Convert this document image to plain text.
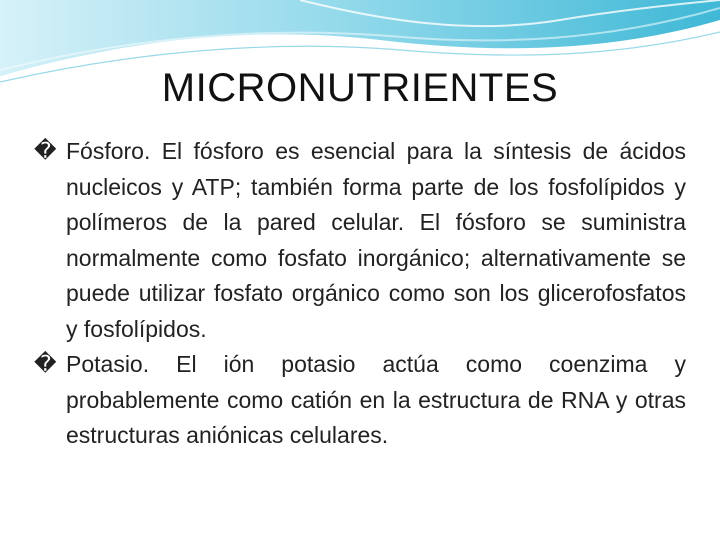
MICRONUTRIENTES

� Fósforo. El fósforo es esencial para la síntesis de ácidos nucleicos y ATP; también forma parte de los fosfolípidos y polímeros de la pared celular. El fósforo se suministra normalmente como fosfato inorgánico; alternativamente se puede utilizar fosfato orgánico como son los glicerofosfatos y fosfolípidos.

� Potasio. El ión potasio actúa como coenzima y probablemente como catión en la estructura de RNA y otras estructuras aniónicas celulares.
